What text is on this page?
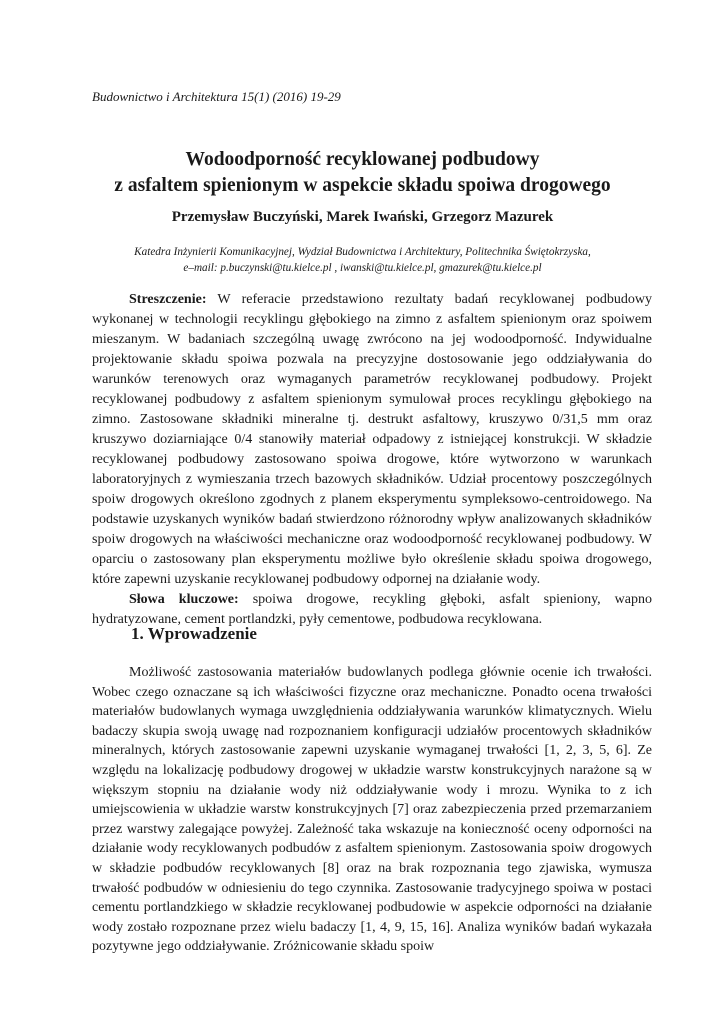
Budownictwo i Architektura 15(1) (2016) 19-29
Wodoodporność recyklowanej podbudowy
z asfaltem spienionym w aspekcie składu spoiwa drogowego
Przemysław Buczyński, Marek Iwański, Grzegorz Mazurek
Katedra Inżynierii Komunikacyjnej, Wydział Budownictwa i Architektury, Politechnika Świętokrzyska,
e–mail: p.buczynski@tu.kielce.pl , iwanski@tu.kielce.pl, gmazurek@tu.kielce.pl

Streszczenie: W referacie przedstawiono rezultaty badań recyklowanej podbudowy wykonanej w technologii recyklingu głębokiego na zimno z asfaltem spienionym oraz spoiwem mieszanym. W badaniach szczególną uwagę zwrócono na jej wodoodporność. Indywidualne projektowanie składu spoiwa pozwala na precyzyjne dostosowanie jego oddziaływania do warunków terenowych oraz wymaganych parametrów recyklowanej podbudowy. Projekt recyklowanej podbudowy z asfaltem spienionym symulował proces recyklingu głębokiego na zimno. Zastosowane składniki mineralne tj. destrukt asfaltowy, kruszywo 0/31,5 mm oraz kruszywo doziarniające 0/4 stanowiły materiał odpadowy z istniejącej konstrukcji. W składzie recyklowanej podbudowy zastosowano spoiwa drogowe, które wytworzono w warunkach laboratoryjnych z wymieszania trzech bazowych składników. Udział procentowy poszczególnych spoiw drogowych określono zgodnych z planem eksperymentu sympleksowo-centroidowego. Na podstawie uzyskanych wyników badań stwierdzono różnorodny wpływ analizowanych składników spoiw drogowych na właściwości mechaniczne oraz wodoodporność recyklowanej podbudowy. W oparciu o zastosowany plan eksperymentu możliwe było określenie składu spoiwa drogowego, które zapewni uzyskanie recyklowanej podbudowy odpornej na działanie wody.

Słowa kluczowe: spoiwa drogowe, recykling głęboki, asfalt spieniony, wapno hydratyzowane, cement portlandzki, pyły cementowe, podbudowa recyklowana.

1. Wprowadzenie

Możliwość zastosowania materiałów budowlanych podlega głównie ocenie ich trwałości. Wobec czego oznaczane są ich właściwości fizyczne oraz mechaniczne. Ponadto ocena trwałości materiałów budowlanych wymaga uwzględnienia oddziaływania warunków klimatycznych. Wielu badaczy skupia swoją uwagę nad rozpoznaniem konfiguracji udziałów procentowych składników mineralnych, których zastosowanie zapewni uzyskanie wymaganej trwałości [1, 2, 3, 5, 6]. Ze względu na lokalizację podbudowy drogowej w układzie warstw konstrukcyjnych narażone są w większym stopniu na działanie wody niż oddziaływanie wody i mrozu. Wynika to z ich umiejscowienia w układzie warstw konstrukcyjnych [7] oraz zabezpieczenia przed przemarzaniem przez warstwy zalegające powyżej. Zależność taka wskazuje na konieczność oceny odporności na działanie wody recyklowanych podbudów z asfaltem spienionym. Zastosowania spoiw drogowych w składzie podbudów recyklowanych [8] oraz na brak rozpoznania tego zjawiska, wymusza trwałość podbudów w odniesieniu do tego czynnika. Zastosowanie tradycyjnego spoiwa w postaci cementu portlandzkiego w składzie recyklowanej podbudowie w aspekcie odporności na działanie wody zostało rozpoznane przez wielu badaczy [1, 4, 9, 15, 16]. Analiza wyników badań wykazała pozytywne jego oddziaływanie. Zróżnicowanie składu spoiw
